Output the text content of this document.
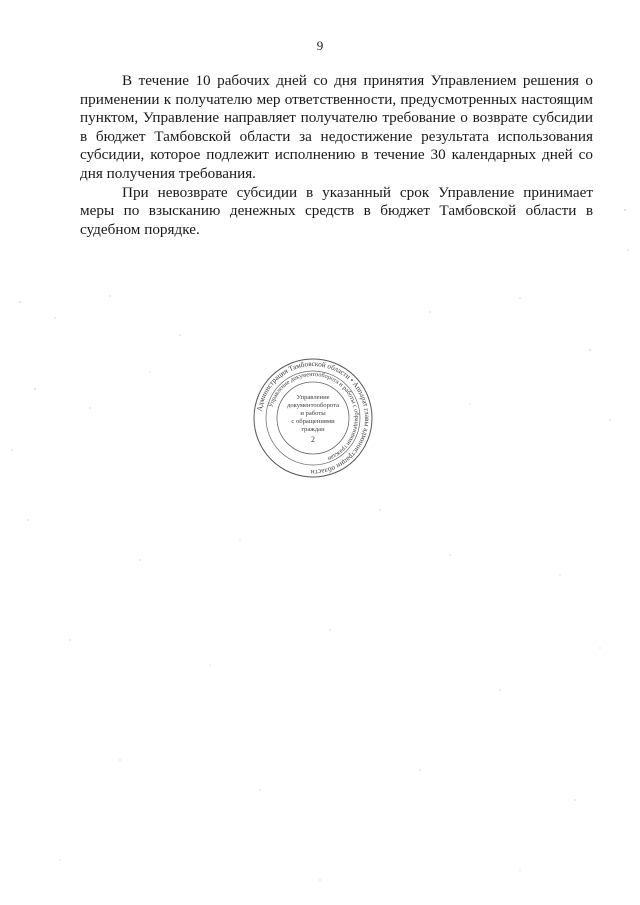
9

В течение 10 рабочих дней со дня принятия Управлением решения о применении к получателю мер ответственности, предусмотренных настоящим пунктом, Управление направляет получателю требование о возврате субсидии в бюджет Тамбовской области за недостижение результата использования субсидии, которое подлежит исполнению в течение 30 календарных дней со дня получения требования.

При невозврате субсидии в указанный срок Управление принимает меры по взысканию денежных средств в бюджет Тамбовской области в судебном порядке.

Администрация Тамбовской области • Аппарат главы администрации области
Управление документооборота и работы с обращениями граждан
Управление
документооборота
и работы
с обращениями
граждан
2
